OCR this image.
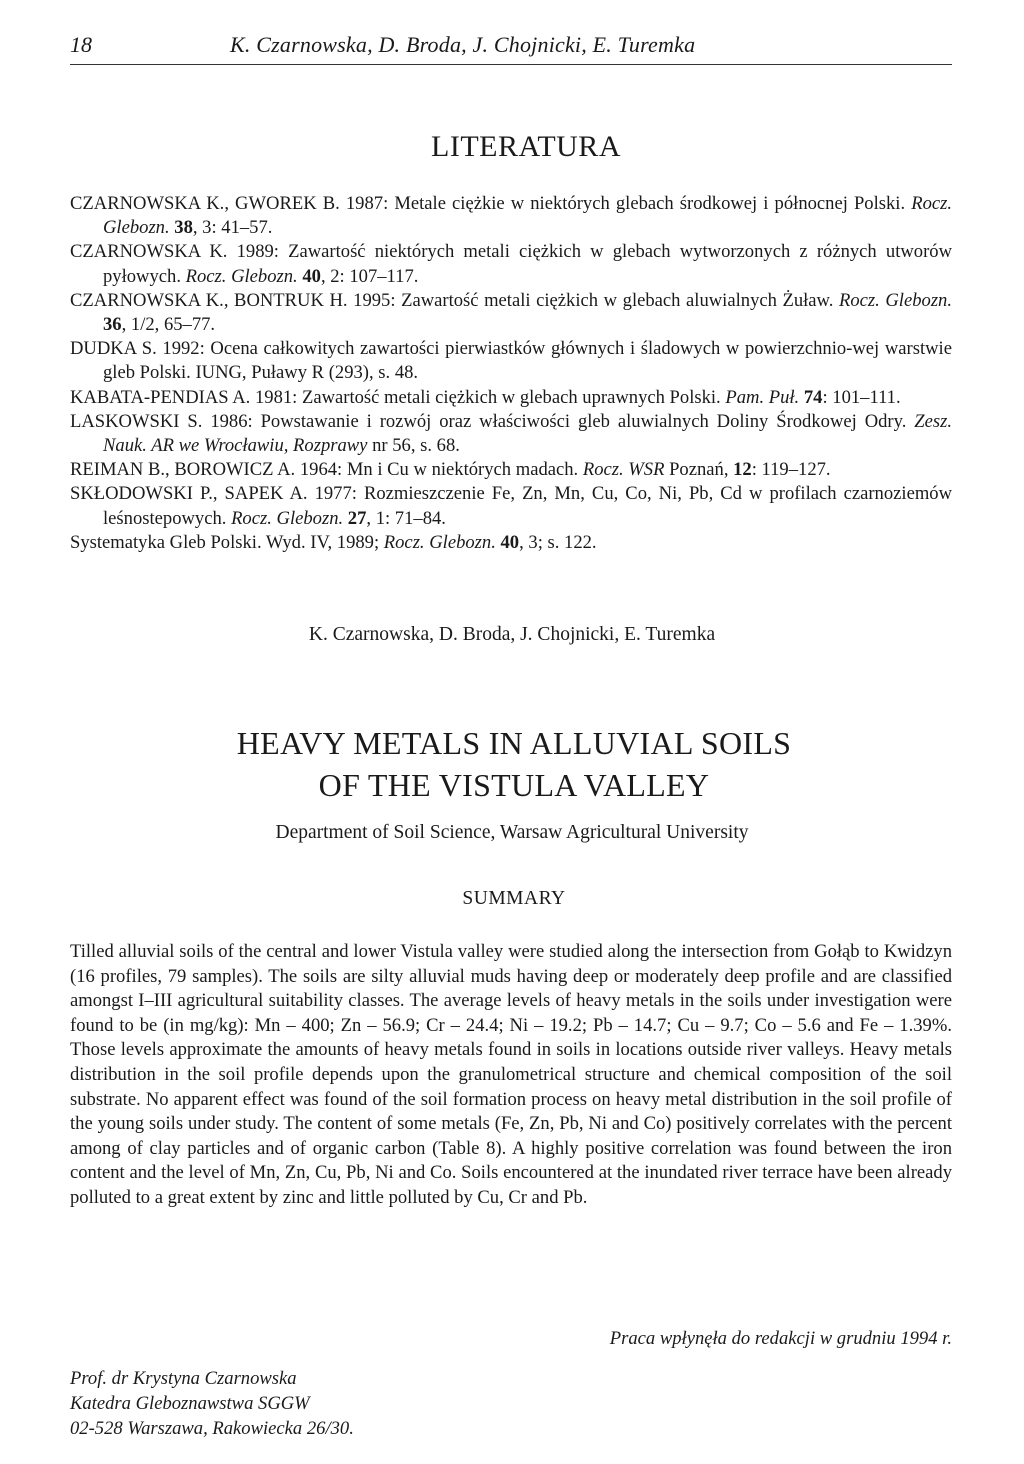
18	K. Czarnowska, D. Broda, J. Chojnicki, E. Turemka
LITERATURA

CZARNOWSKA K., GWOREK B. 1987: Metale ciężkie w niektórych glebach środkowej i północnej Polski. Rocz. Glebozn. 38, 3: 41–57.

CZARNOWSKA K. 1989: Zawartość niektórych metali ciężkich w glebach wytworzonych z różnych utworów pyłowych. Rocz. Glebozn. 40, 2: 107–117.

CZARNOWSKA K., BONTRUK H. 1995: Zawartość metali ciężkich w glebach aluwialnych Żuław. Rocz. Glebozn. 36, 1/2, 65–77.

DUDKA S. 1992: Ocena całkowitych zawartości pierwiastków głównych i śladowych w powierzchnio-wej warstwie gleb Polski. IUNG, Puławy R (293), s. 48.

KABATA-PENDIAS A. 1981: Zawartość metali ciężkich w glebach uprawnych Polski. Pam. Puł. 74: 101–111.

LASKOWSKI S. 1986: Powstawanie i rozwój oraz właściwości gleb aluwialnych Doliny Środkowej Odry. Zesz. Nauk. AR we Wrocławiu, Rozprawy nr 56, s. 68.

REIMAN B., BOROWICZ A. 1964: Mn i Cu w niektórych madach. Rocz. WSR Poznań, 12: 119–127.

SKŁODOWSKI P., SAPEK A. 1977: Rozmieszczenie Fe, Zn, Mn, Cu, Co, Ni, Pb, Cd w profilach czarnoziemów leśnostepowych. Rocz. Glebozn. 27, 1: 71–84.

Systematyka Gleb Polski. Wyd. IV, 1989; Rocz. Glebozn. 40, 3; s. 122.

K. Czarnowska, D. Broda, J. Chojnicki, E. Turemka
HEAVY METALS IN ALLUVIAL SOILS
OF THE VISTULA VALLEY
Department of Soil Science, Warsaw Agricultural University
SUMMARY

Tilled alluvial soils of the central and lower Vistula valley were studied along the intersection from Gołąb to Kwidzyn (16 profiles, 79 samples). The soils are silty alluvial muds having deep or moderately deep profile and are classified amongst I–III agricultural suitability classes. The average levels of heavy metals in the soils under investigation were found to be (in mg/kg): Mn – 400; Zn – 56.9; Cr – 24.4; Ni – 19.2; Pb – 14.7; Cu – 9.7; Co – 5.6 and Fe – 1.39%. Those levels approximate the amounts of heavy metals found in soils in locations outside river valleys. Heavy metals distribution in the soil profile depends upon the granulometrical structure and chemical composition of the soil substrate. No apparent effect was found of the soil formation process on heavy metal distribution in the soil profile of the young soils under study. The content of some metals (Fe, Zn, Pb, Ni and Co) positively correlates with the percent among of clay particles and of organic carbon (Table 8). A highly positive correlation was found between the iron content and the level of Mn, Zn, Cu, Pb, Ni and Co. Soils encountered at the inundated river terrace have been already polluted to a great extent by zinc and little polluted by Cu, Cr and Pb.

Praca wpłynęła do redakcji w grudniu 1994 r.
Prof. dr Krystyna Czarnowska
Katedra Gleboznawstwa SGGW
02-528 Warszawa, Rakowiecka 26/30.
